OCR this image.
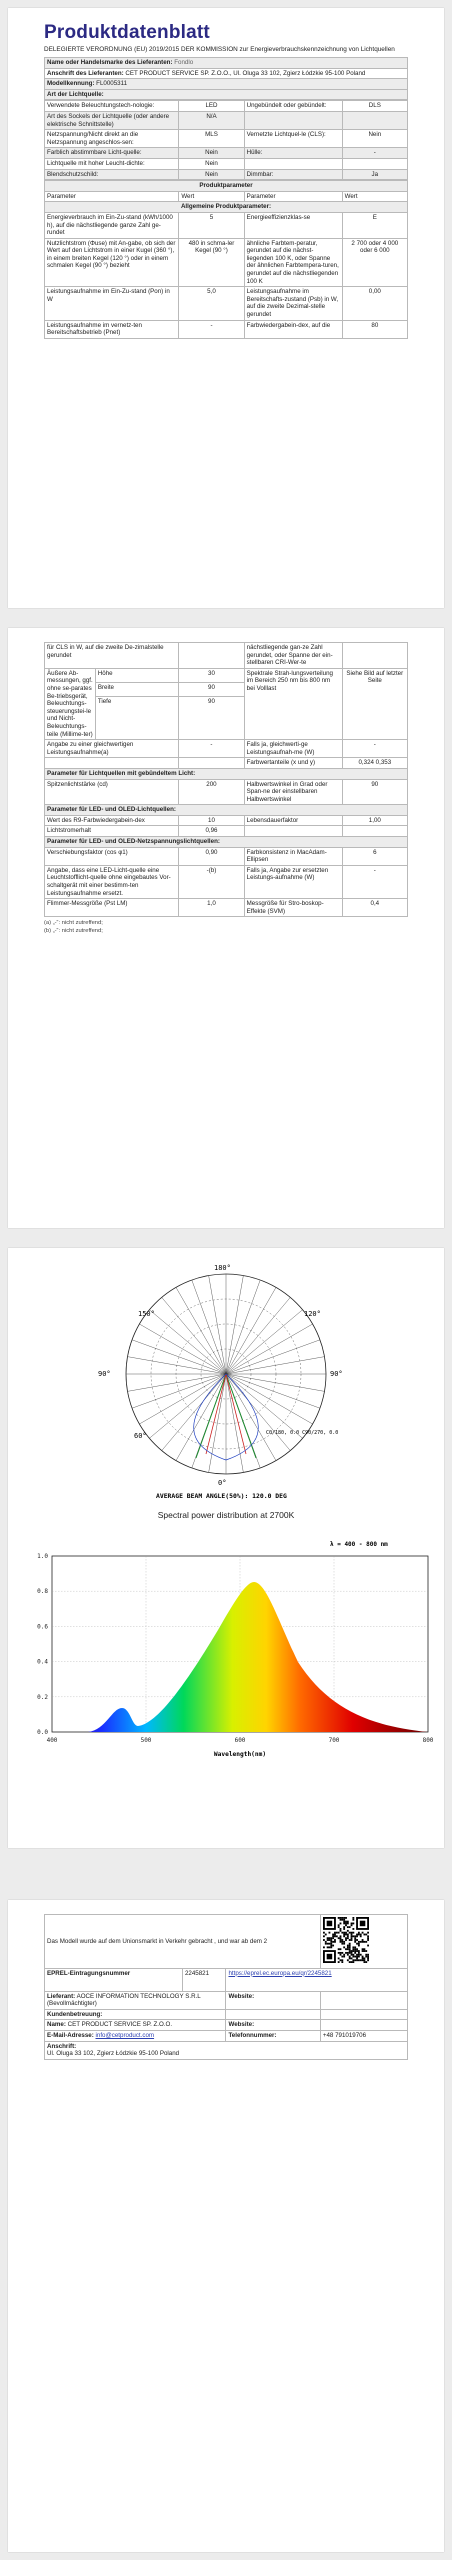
Produktdatenblatt
DELEGIERTE VERORDNUNG (EU) 2019/2015 DER KOMMISSION zur Energieverbrauchskennzeichnung von Lichtquellen
Name oder Handelsmarke des Lieferanten: Fondlo
Anschrift des Lieferanten: CET PRODUCT SERVICE SP. Z.O.O., Ul. Oluga 33 102, Zgierz Łódzkie 95-100 Poland
Modellkennung: FL0005311
Art der Lichtquelle:
Verwendete Beleuchtungstech-nologie:	LED	Ungebündelt oder gebündelt:	DLS
Art des Sockels der Lichtquelle (oder andere elektrische Schnittstelle)	N/A		
Netzspannung/Nicht direkt an die Netzspannung angeschlos-sen:	MLS	Vernetzte Lichtquel-le (CLS):	Nein
Farblich abstimmbare Licht-quelle:	Nein	Hülle:	-
Lichtquelle mit hoher Leucht-dichte:	Nein		
Blendschutzschild:	Nein	Dimmbar:	Ja
Produktparameter			
Parameter	Wert	Parameter	Wert
Allgemeine Produktparameter:			
Energieverbrauch im Ein-Zu-stand (kWh/1000 h), auf die nächstliegende ganze Zahl ge-rundet	5	Energieeffizienzklas-se	E
Nutzlichtstrom (Φuse) mit An-gabe, ob sich der Wert auf den Lichtstrom in einer Kugel (360 °), in einem breiten Kegel (120 °) oder in einem schmalen Kegel (90 °) bezieht	480 in schma-ler Kegel (90 °)	ähnliche Farbtem-peratur, gerundet auf die nächst-liegenden 100 K, oder Spanne der ähnlichen Farbtempera-turen, gerundet auf die nächstliegenden 100 K	2 700 oder 4 000 oder 6 000
Leistungsaufnahme im Ein-Zu-stand (Pon) in W	5,0	Leistungsaufnahme im Bereitschafts-zustand (Psb) in W, auf die zweite Dezimal-stelle gerundet	0,00
Leistungsaufnahme im vernetz-ten Bereitschaftsbetrieb (Pnet)	-	Farbwiedergabein-dex, auf die	80
für CLS in W, auf die zweite De-zimalstelle gerundet			nächstliegende gan-ze Zahl gerundet, oder Spanne der ein-stellbaren CRI-Wer-te	
Äußere Ab-messungen, ggf. ohne se-parates Be-triebsgerät, Beleuchtungs-steuerungstei-le und Nicht-Beleuchtungs-teile (Millime-ter)	Höhe	30	Spektrale Strah-lungsverteilung im Bereich 250 nm bis 800 nm bei Volllast	Siehe Bild auf letzter Seite
	Breite	90		
	Tiefe	90		
Angabe zu einer gleichwertigen Leistungsaufnahme(a)		-	Falls ja, gleichwerti-ge Leistungsaufnah-me (W)	-
			Farbwertanteile (x und y)	0,324 0,353
Parameter für Lichtquellen mit gebündeltem Licht:				
Spitzenlichtstärke (cd)		200	Halbwertswinkel in Grad oder Span-ne der einstellbaren Halbwertswinkel	90
Parameter für LED- und OLED-Lichtquellen:				
Wert des R9-Farbwiedergabein-dex		10	Lebensdauerfaktor	1,00
Lichtstromerhalt		0,96		
Parameter für LED- und OLED-Netzspannungslichtquellen:				
Verschiebungsfaktor (cos φ1)		0,90	Farbkonsistenz in MacAdam-Ellipsen	6
Angabe, dass eine LED-Licht-quelle eine Leuchtstofflicht-quelle ohne eingebautes Vor-schaltgerät mit einer bestimm-ten Leistungsaufnahme ersetzt.		-(b)	Falls ja, Angabe zur ersetzten Leistungs-aufnahme (W)	-
Flimmer-Messgröße (Pst LM)		1,0	Messgröße für Stro-boskop-Effekte (SVM)	0,4
(a) „-“: nicht zutreffend;
(b) „-“: nicht zutreffend;
180°
150°
90°
60°
0°
90°
120°
C0/180, 0.0 C90/270, 0.0
AVERAGE BEAM ANGLE(50%): 120.0 DEG
Spectral power distribution at 2700K
λ = 400 - 800 nm
1.0
0.8
0.6
0.4
0.2
0.0
400	500	600	700	800
Wavelength(nm)
Das Modell wurde auf dem Unionsmarkt in Verkehr gebracht , und war ab dem 2	
EPREL-Eintragungsnummer	2245821	https://eprel.ec.europa.eu/qr/2245821	
Lieferant: AOCE INFORMATION TECHNOLOGY S.R.L (Bevollmächtigter)		Website:	
Kundenbetreuung:			
Name: CET PRODUCT SERVICE SP. Z.O.O.		Website:	
E-Mail-Adresse: info@cetproduct.com		Telefonnummer:	+48 791019706

Anschrift:
Ul. Oluga 33 102, Zgierz Łódzkie 95-100 Poland			
